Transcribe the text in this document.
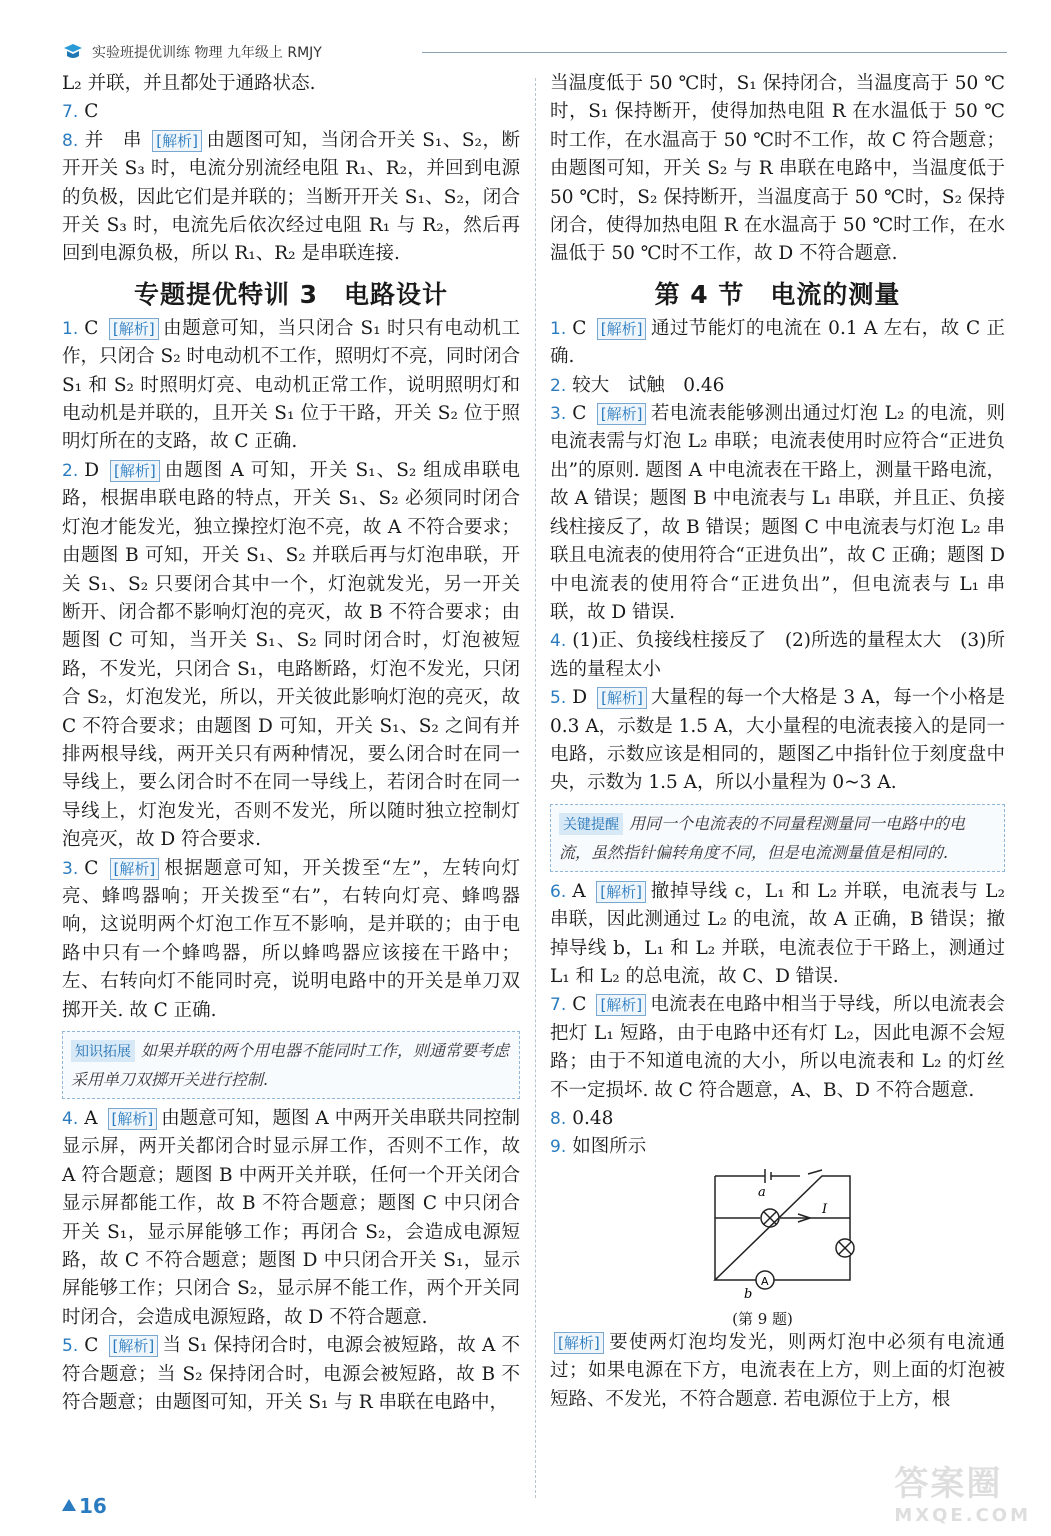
实验班提优训练 物理 九年级上 RMJY

L₂ 并联，并且都处于通路状态.

7. C

8. 并　串 [解析] 由题图可知，当闭合开关 S₁、S₂，断开开关 S₃ 时，电流分别流经电阻 R₁、R₂，并回到电源的负极，因此它们是并联的；当断开开关 S₁、S₂，闭合开关 S₃ 时，电流先后依次经过电阻 R₁ 与 R₂，然后再回到电源负极，所以 R₁、R₂ 是串联连接.

专题提优特训 3　电路设计

1. C [解析] 由题意可知，当只闭合 S₁ 时只有电动机工作，只闭合 S₂ 时电动机不工作，照明灯不亮，同时闭合 S₁ 和 S₂ 时照明灯亮、电动机正常工作，说明照明灯和电动机是并联的，且开关 S₁ 位于干路，开关 S₂ 位于照明灯所在的支路，故 C 正确.

2. D [解析] 由题图 A 可知，开关 S₁、S₂ 组成串联电路，根据串联电路的特点，开关 S₁、S₂ 必须同时闭合灯泡才能发光，独立操控灯泡不亮，故 A 不符合要求；由题图 B 可知，开关 S₁、S₂ 并联后再与灯泡串联，开关 S₁、S₂ 只要闭合其中一个，灯泡就发光，另一开关断开、闭合都不影响灯泡的亮灭，故 B 不符合要求；由题图 C 可知，当开关 S₁、S₂ 同时闭合时，灯泡被短路，不发光，只闭合 S₁，电路断路，灯泡不发光，只闭合 S₂，灯泡发光，所以，开关彼此影响灯泡的亮灭，故 C 不符合要求；由题图 D 可知，开关 S₁、S₂ 之间有并排两根导线，两开关只有两种情况，要么闭合时在同一导线上，要么闭合时不在同一导线上，若闭合时在同一导线上，灯泡发光，否则不发光，所以随时独立控制灯泡亮灭，故 D 符合要求.

3. C [解析] 根据题意可知，开关拨至“左”，左转向灯亮、蜂鸣器响；开关拨至“右”，右转向灯亮、蜂鸣器响，这说明两个灯泡工作互不影响，是并联的；由于电路中只有一个蜂鸣器，所以蜂鸣器应该接在干路中；左、右转向灯不能同时亮，说明电路中的开关是单刀双掷开关. 故 C 正确.

知识拓展 如果并联的两个用电器不能同时工作，则通常要考虑采用单刀双掷开关进行控制.

4. A [解析] 由题意可知，题图 A 中两开关串联共同控制显示屏，两开关都闭合时显示屏工作，否则不工作，故 A 符合题意；题图 B 中两开关并联，任何一个开关闭合显示屏都能工作，故 B 不符合题意；题图 C 中只闭合开关 S₁，显示屏能够工作；再闭合 S₂，会造成电源短路，故 C 不符合题意；题图 D 中只闭合开关 S₁，显示屏能够工作；只闭合 S₂，显示屏不能工作，两个开关同时闭合，会造成电源短路，故 D 不符合题意.

5. C [解析] 当 S₁ 保持闭合时，电源会被短路，故 A 不符合题意；当 S₂ 保持闭合时，电源会被短路，故 B 不符合题意；由题图可知，开关 S₁ 与 R 串联在电路中，

当温度低于 50 ℃时，S₁ 保持闭合，当温度高于 50 ℃时，S₁ 保持断开，使得加热电阻 R 在水温低于 50 ℃时工作，在水温高于 50 ℃时不工作，故 C 符合题意；由题图可知，开关 S₂ 与 R 串联在电路中，当温度低于 50 ℃时，S₂ 保持断开，当温度高于 50 ℃时，S₂ 保持闭合，使得加热电阻 R 在水温高于 50 ℃时工作，在水温低于 50 ℃时不工作，故 D 不符合题意.

第 4 节　电流的测量

1. C [解析] 通过节能灯的电流在 0.1 A 左右，故 C 正确.

2. 较大　试触　0.46

3. C [解析] 若电流表能够测出通过灯泡 L₂ 的电流，则电流表需与灯泡 L₂ 串联；电流表使用时应符合“正进负出”的原则. 题图 A 中电流表在干路上，测量干路电流，故 A 错误；题图 B 中电流表与 L₁ 串联，并且正、负接线柱接反了，故 B 错误；题图 C 中电流表与灯泡 L₂ 串联且电流表的使用符合“正进负出”，故 C 正确；题图 D 中电流表的使用符合“正进负出”，但电流表与 L₁ 串联，故 D 错误.

4. (1)正、负接线柱接反了　(2)所选的量程太大　(3)所选的量程太小

5. D [解析] 大量程的每一个大格是 3 A，每一个小格是 0.3 A，示数是 1.5 A，大小量程的电流表接入的是同一电路，示数应该是相同的，题图乙中指针位于刻度盘中央，示数为 1.5 A，所以小量程为 0~3 A.

关键提醒 用同一个电流表的不同量程测量同一电路中的电流，虽然指针偏转角度不同，但是电流测量值是相同的.

6. A [解析] 撤掉导线 c，L₁ 和 L₂ 并联，电流表与 L₂ 串联，因此测通过 L₂ 的电流，故 A 正确，B 错误；撤掉导线 b，L₁ 和 L₂ 并联，电流表位于干路上，测通过 L₁ 和 L₂ 的总电流，故 C、D 错误.

7. C [解析] 电流表在电路中相当于导线，所以电流表会把灯 L₁ 短路，由于电路中还有灯 L₂，因此电源不会短路；由于不知道电流的大小，所以电流表和 L₂ 的灯丝不一定损坏. 故 C 符合题意，A、B、D 不符合题意.

8. 0.48

9. 如图所示

A
a
I
b
(第 9 题)

[解析] 要使两灯泡均发光，则两灯泡中必须有电流通过；如果电源在下方，电流表在上方，则上面的灯泡被短路、不发光，不符合题意. 若电源位于上方，根

16
答案圈
MXQE.COM
